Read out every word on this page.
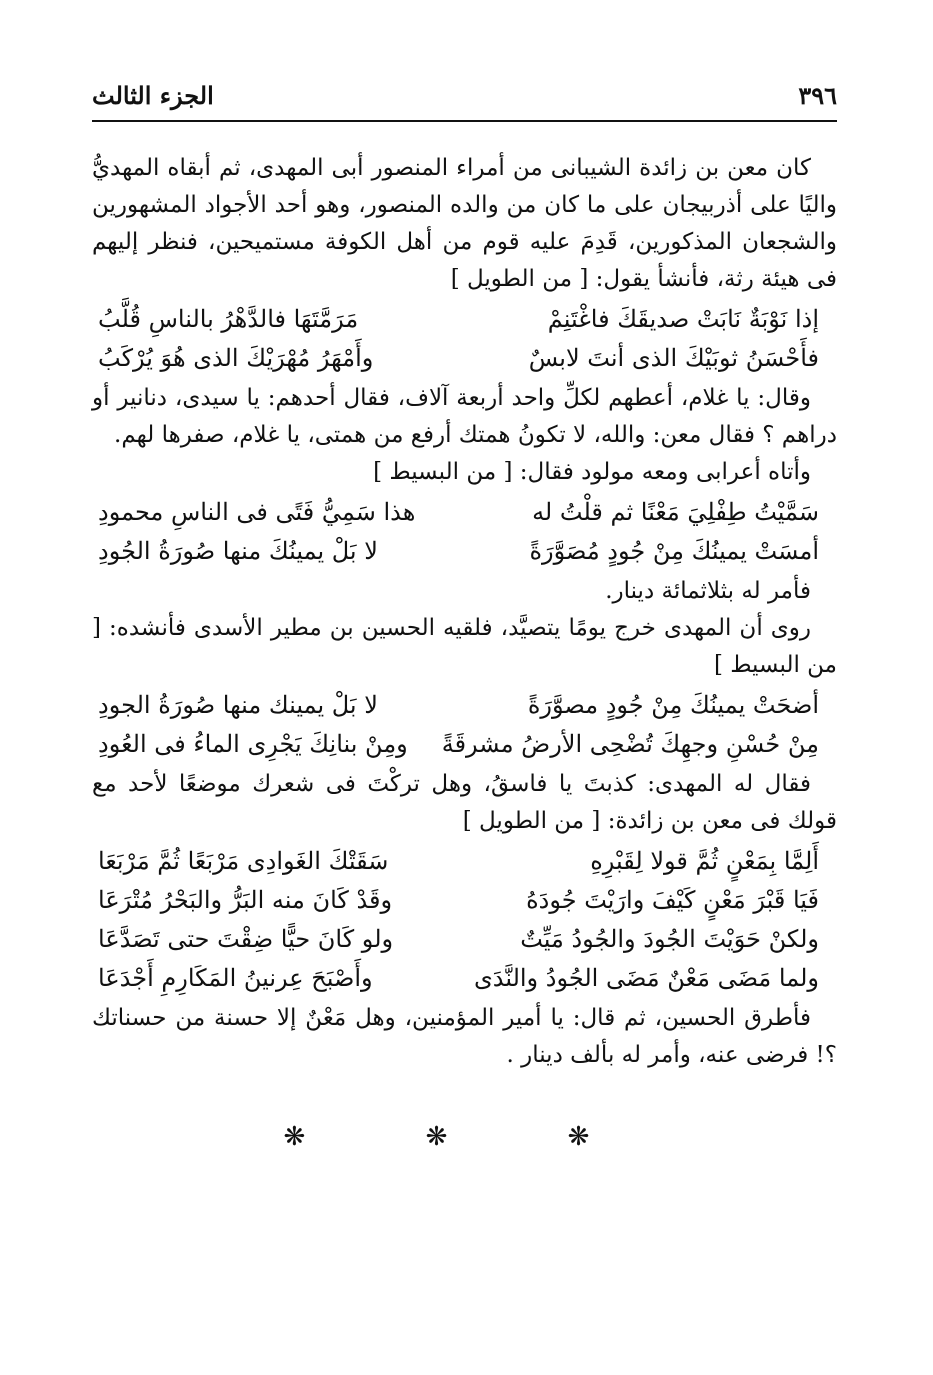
٣٩٦
الجزء الثالث

كان معن بن زائدة الشيبانى من أمراء المنصور أبى المهدى، ثم أبقاه المهديُّ واليًا على أذربيجان على ما كان من والده المنصور، وهو أحد الأجواد المشهورين والشجعان المذكورين، قَدِمَ عليه قوم من أهل الكوفة مستميحين، فنظر إليهم فى هيئة رثة، فأنشأ يقول: [ من الطويل ]

إذا نَوْبَةٌ نَابَتْ صديقَكَ فاغْتَنِمْ
مَرَمَّتَهَا فالدَّهْرُ بالناسِ قُلَّبُ
فأَحْسَنُ ثوبَيْكَ الذى أنتَ لابسٌ
وأَمْهَرُ مُهْرَيْكَ الذى هُوَ يُرْكَبُ

وقال: يا غلام، أعطهم لكلِّ واحد أربعة آلاف، فقال أحدهم: يا سيدى، دنانير أو دراهم ؟ فقال معن: والله، لا تكونُ همتك أرفع من همتى، يا غلام، صفرها لهم.

وأتاه أعرابى ومعه مولود فقال: [ من البسيط ]

سَمَّيْتُ طِفْلِيَ مَعْنًا ثم قلْتُ له
هذا سَمِيُّ فَتًى فى الناسِ محمودِ
أمسَتْ يمينُكَ مِنْ جُودٍ مُصَوَّرَةً
لا بَلْ يمينُكَ منها صُورَةُ الجُودِ

فأمر له بثلاثمائة دينار.

روى أن المهدى خرج يومًا يتصيَّد، فلقيه الحسين بن مطير الأسدى فأنشده: [ من البسيط ]

أضحَتْ يمينُكَ مِنْ جُودٍ مصوَّرَةً
لا بَلْ يمينك منها صُورَةُ الجودِ
مِنْ حُسْنِ وجهِكَ تُضْحِى الأرضُ مشرقَةً
ومِنْ بنانِكَ يَجْرِى الماءُ فى العُودِ

فقال له المهدى: كذبتَ يا فاسقُ، وهل تركْتَ فى شعرك موضعًا لأحد مع قولك فى معن بن زائدة: [ من الطويل ]

أَلِمَّا بِمَعْنٍ ثُمَّ قولا لِقَبْرِهِ
سَقَتْكَ الغَوادِى مَرْبَعًا ثُمَّ مَرْبَعَا
فَيَا قَبْرَ مَعْنٍ كَيْفَ وارَيْتَ جُودَهُ
وقَدْ كَانَ منه البَرُّ والبَحْرُ مُتْرَعَا
ولكنْ حَوَيْتَ الجُودَ والجُودُ مَيِّتٌ
ولو كَانَ حيًّا ضِقْتَ حتى تَصَدَّعَا
ولما مَضَى مَعْنٌ مَضَى الجُودُ والنَّدَى
وأَصْبَحَ عِرنينُ المَكَارِمِ أَجْدَعَا

فأطرق الحسين، ثم قال: يا أمير المؤمنين، وهل مَعْنٌ إلا حسنة من حسناتك ؟! فرضى عنه، وأمر له بألف دينار .

❋ ❋ ❋
